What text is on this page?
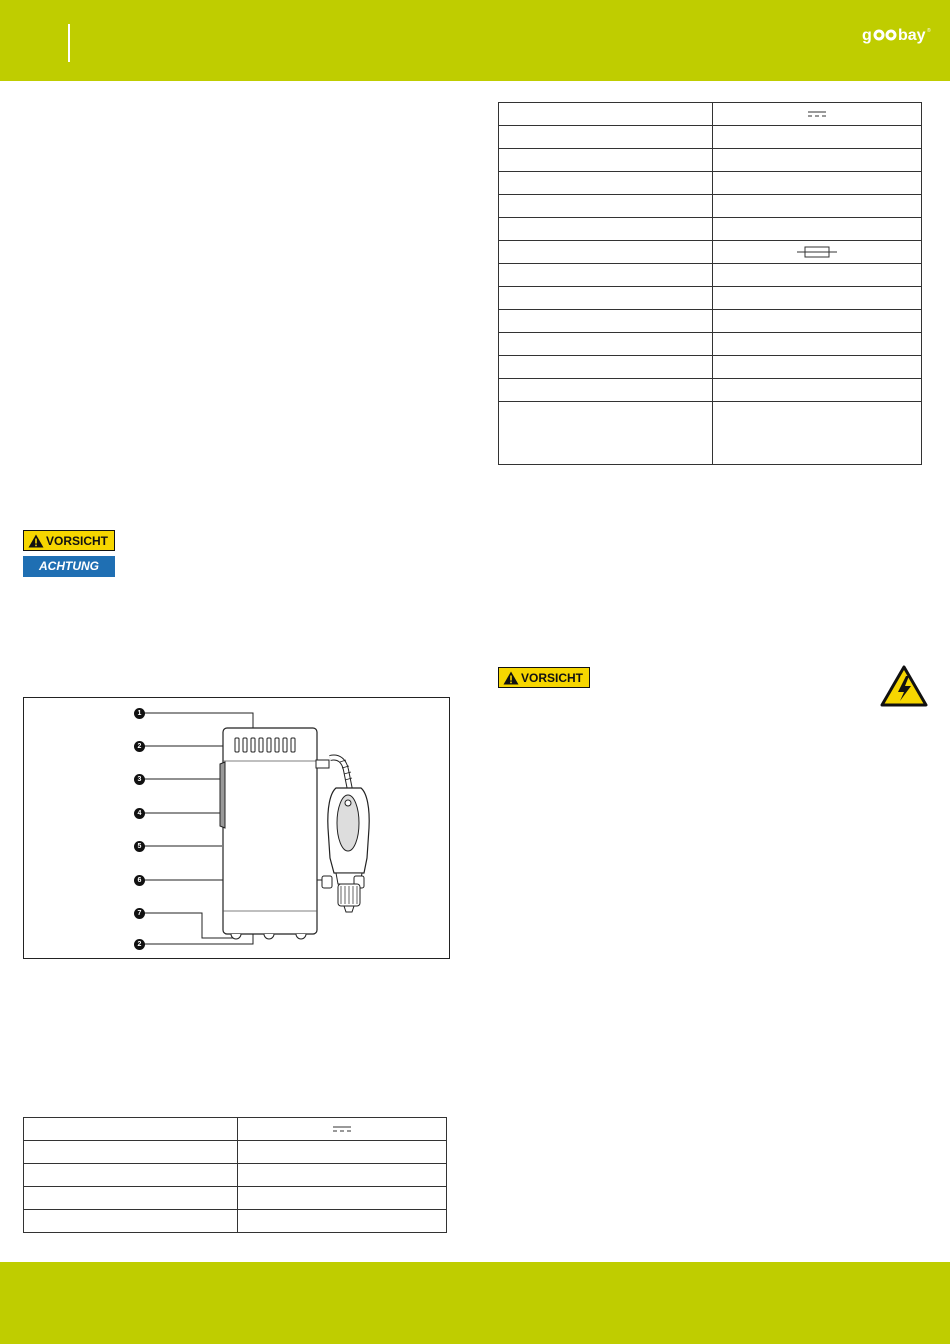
g bay ®

VORSICHT
ACHTUNG
VORSICHT
1
2
3
4
5
6
7
2
